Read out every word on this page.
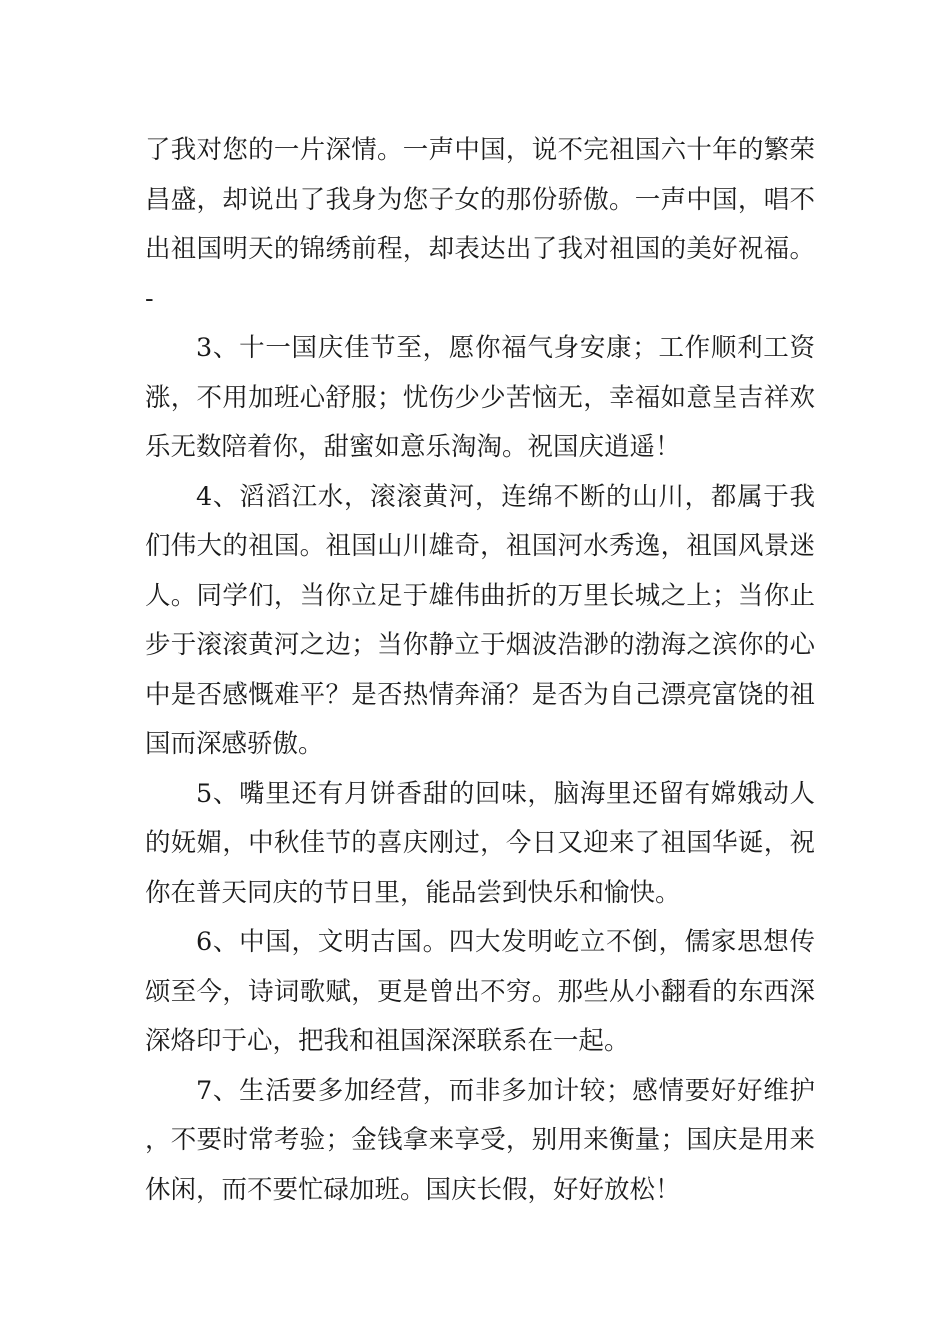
了我对您的一片深情。一声中国，说不完祖国六十年的繁荣昌盛，却说出了我身为您子女的那份骄傲。一声中国，唱不出祖国明天的锦绣前程，却表达出了我对祖国的美好祝福。-

3、十一国庆佳节至，愿你福气身安康；工作顺利工资涨，不用加班心舒服；忧伤少少苦恼无，幸福如意呈吉祥欢乐无数陪着你，甜蜜如意乐淘淘。祝国庆逍遥！

4、滔滔江水，滚滚黄河，连绵不断的山川，都属于我们伟大的祖国。祖国山川雄奇，祖国河水秀逸，祖国风景迷人。同学们，当你立足于雄伟曲折的万里长城之上；当你止步于滚滚黄河之边；当你静立于烟波浩渺的渤海之滨你的心中是否感慨难平？是否热情奔涌？是否为自己漂亮富饶的祖国而深感骄傲。

5、嘴里还有月饼香甜的回味，脑海里还留有嫦娥动人的妩媚，中秋佳节的喜庆刚过，今日又迎来了祖国华诞，祝你在普天同庆的节日里，能品尝到快乐和愉快。

6、中国，文明古国。四大发明屹立不倒，儒家思想传颂至今，诗词歌赋，更是曾出不穷。那些从小翻看的东西深深烙印于心，把我和祖国深深联系在一起。

7、生活要多加经营，而非多加计较；感情要好好维护，不要时常考验；金钱拿来享受，别用来衡量；国庆是用来休闲，而不要忙碌加班。国庆长假，好好放松！
